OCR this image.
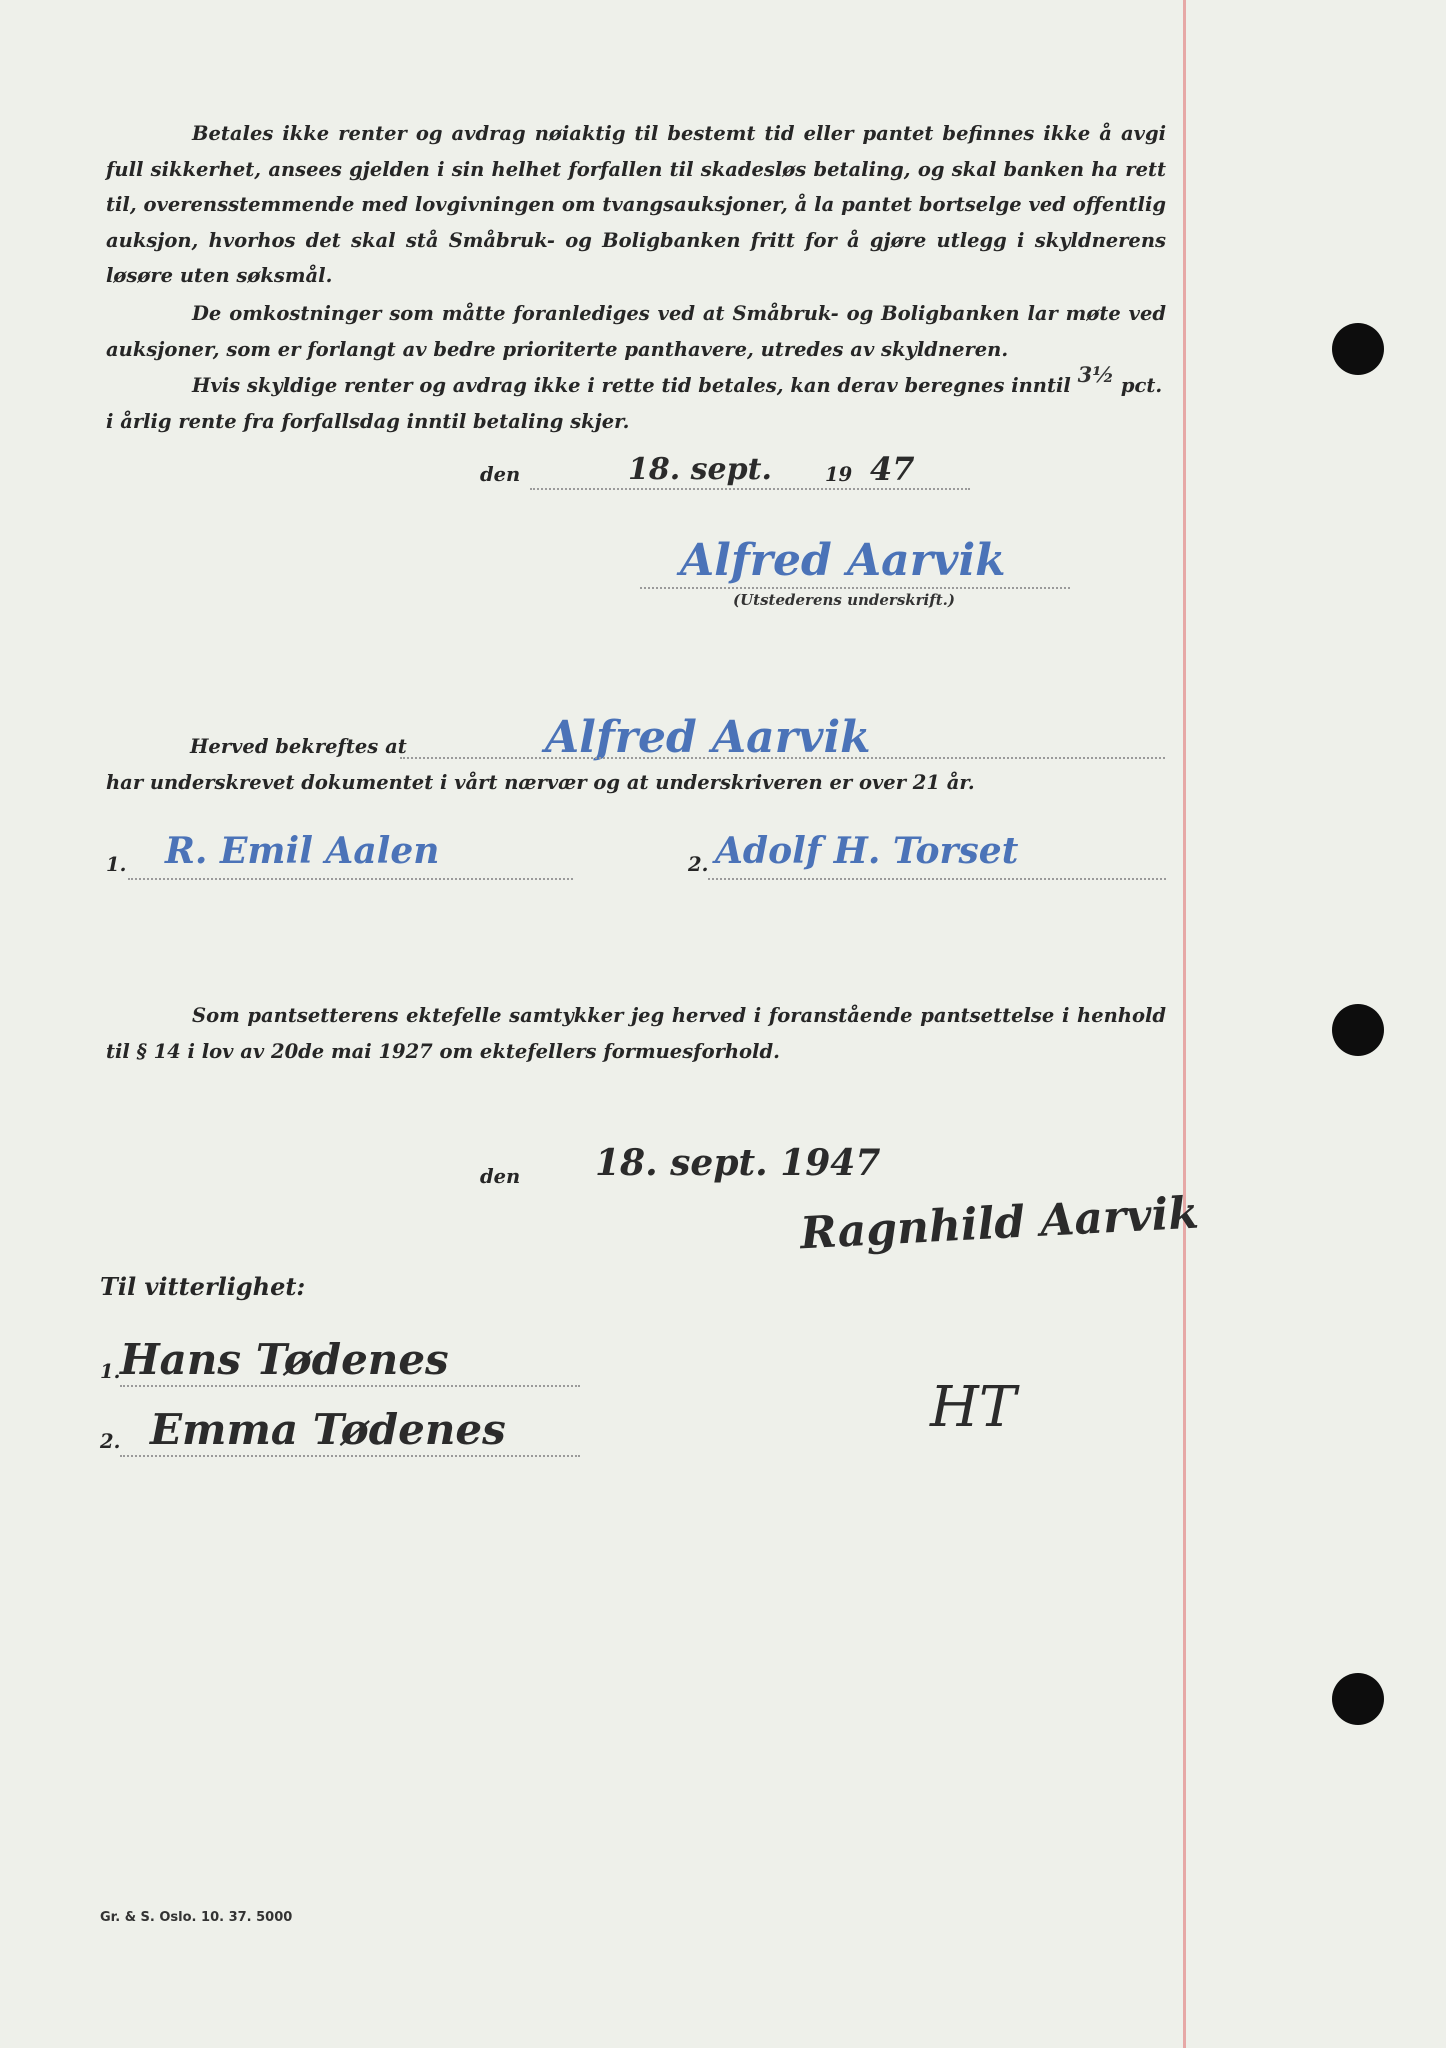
Betales ikke renter og avdrag nøiaktig til bestemt tid eller pantet befinnes ikke å avgi full sikkerhet, ansees gjelden i sin helhet forfallen til skadesløs betaling, og skal banken ha rett til, overensstemmende med lovgivningen om tvangsauksjoner, å la pantet bortselge ved offentlig auksjon, hvorhos det skal stå Småbruk- og Boligbanken fritt for å gjøre utlegg i skyldnerens løsøre uten søksmål.
De omkostninger som måtte foranlediges ved at Småbruk- og Boligbanken lar møte ved auksjoner, som er forlangt av bedre prioriterte panthavere, utredes av skyldneren.
Hvis skyldige renter og avdrag ikke i rette tid betales, kan derav beregnes inntil 3½ pct.
i årlig rente fra forfallsdag inntil betaling skjer.
den	18. sept.	19 47
Alfred Aarvik
(Utstederens underskrift.)
Herved bekreftes at	Alfred Aarvik
har underskrevet dokumentet i vårt nærvær og at underskriveren er over 21 år.
1. R. Emil Aalen	2. Adolf H. Torset
Som pantsetterens ektefelle samtykker jeg herved i foranstående pantsettelse i henhold til § 14 i lov av 20de mai 1927 om ektefellers formuesforhold.
den 18. sept. 1947
Ragnhild Aarvik
Til vitterlighet:
1. Hans Tødenes
2. Emma Tødenes	HT
Gr. & S. Oslo. 10. 37. 5000
